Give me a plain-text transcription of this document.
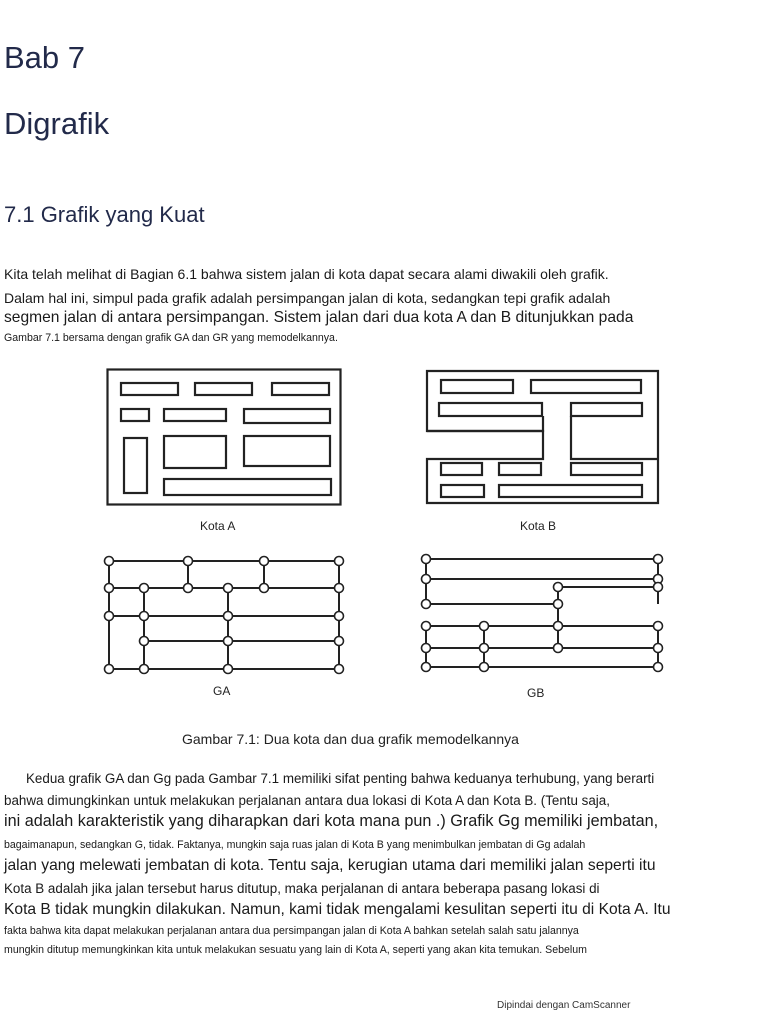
Bab 7
Digrafik
7.1 Grafik yang Kuat
Kita telah melihat di Bagian 6.1 bahwa sistem jalan di kota dapat secara alami diwakili oleh grafik.
Dalam hal ini, simpul pada grafik adalah persimpangan jalan di kota, sedangkan tepi grafik adalah
segmen jalan di antara persimpangan. Sistem jalan dari dua kota A dan B ditunjukkan pada
Gambar 7.1 bersama dengan grafik GA dan GR yang memodelkannya.
Kota A	Kota B
GA	GB
Gambar 7.1: Dua kota dan dua grafik memodelkannya
Kedua grafik GA dan Gg pada Gambar 7.1 memiliki sifat penting bahwa keduanya terhubung, yang berarti
bahwa dimungkinkan untuk melakukan perjalanan antara dua lokasi di Kota A dan Kota B. (Tentu saja,
ini adalah karakteristik yang diharapkan dari kota mana pun .) Grafik Gg memiliki jembatan,
bagaimanapun, sedangkan G, tidak. Faktanya, mungkin saja ruas jalan di Kota B yang menimbulkan jembatan di Gg adalah
jalan yang melewati jembatan di kota. Tentu saja, kerugian utama dari memiliki jalan seperti itu
Kota B adalah jika jalan tersebut harus ditutup, maka perjalanan di antara beberapa pasang lokasi di
Kota B tidak mungkin dilakukan. Namun, kami tidak mengalami kesulitan seperti itu di Kota A. Itu
fakta bahwa kita dapat melakukan perjalanan antara dua persimpangan jalan di Kota A bahkan setelah salah satu jalannya
mungkin ditutup memungkinkan kita untuk melakukan sesuatu yang lain di Kota A, seperti yang akan kita temukan. Sebelum
Dipindai dengan CamScanner
